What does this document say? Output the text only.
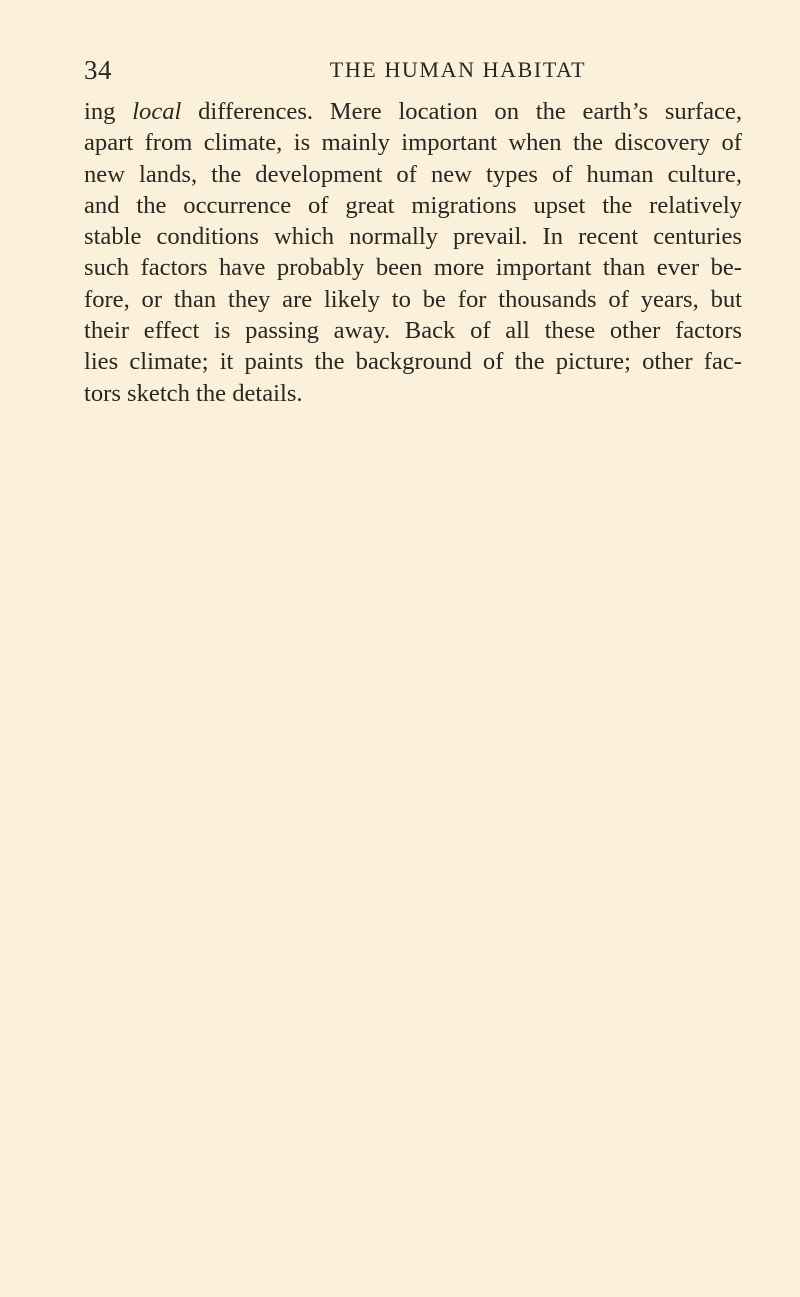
34	THE HUMAN HABITAT
ing local differences. Mere location on the earth’s surface,
apart from climate, is mainly important when the discovery of
new lands, the development of new types of human culture,
and the occurrence of great migrations upset the relatively
stable conditions which normally prevail. In recent centuries
such factors have probably been more important than ever be-
fore, or than they are likely to be for thousands of years, but
their effect is passing away. Back of all these other factors
lies climate; it paints the background of the picture; other fac-
tors sketch the details.
